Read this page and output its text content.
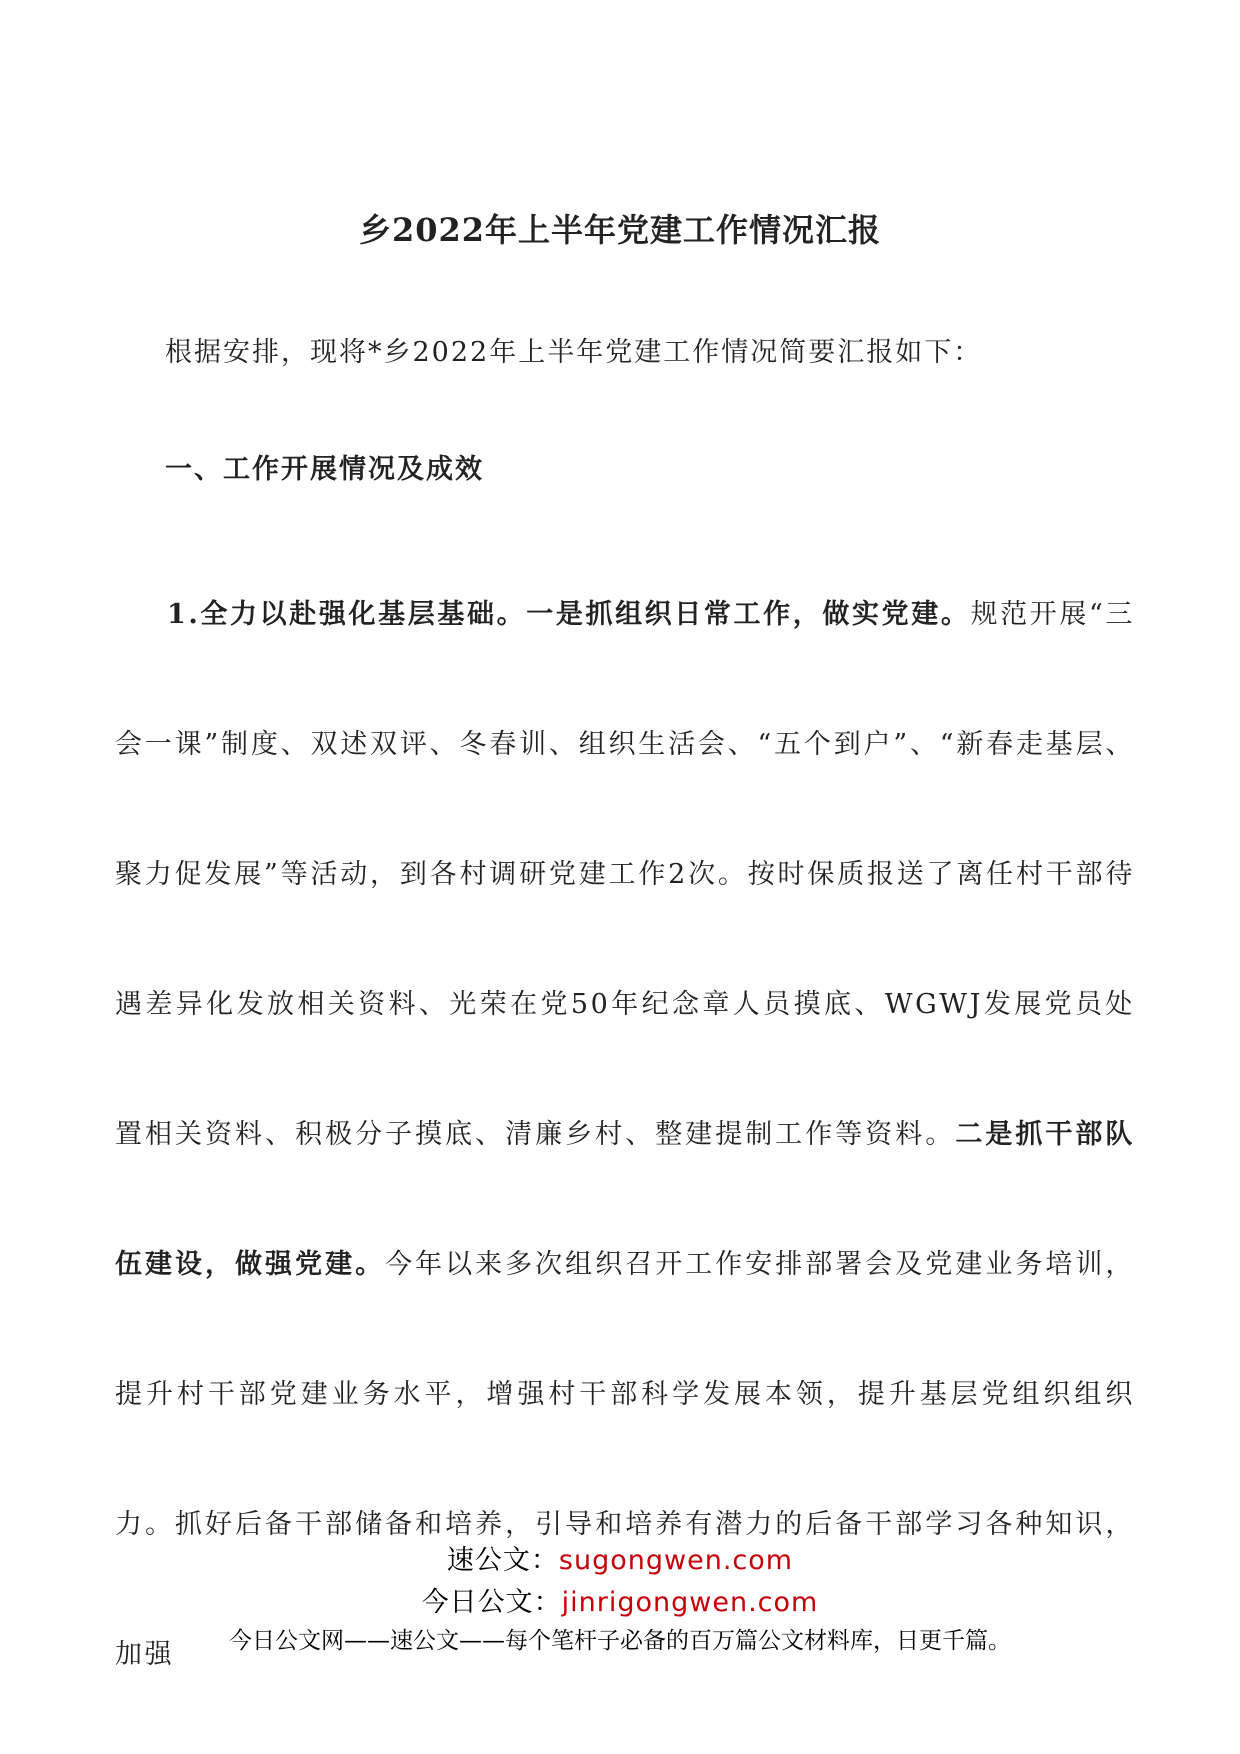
乡2022年上半年党建工作情况汇报
根据安排，现将*乡2022年上半年党建工作情况简要汇报如下：
一、工作开展情况及成效
1.全力以赴强化基层基础。一是抓组织日常工作，做实党建。规范开展“三会一课”制度、双述双评、冬春训、组织生活会、“五个到户”、“新春走基层、聚力促发展”等活动，到各村调研党建工作2次。按时保质报送了离任村干部待遇差异化发放相关资料、光荣在党50年纪念章人员摸底、WGWJ发展党员处置相关资料、积极分子摸底、清廉乡村、整建提制工作等资料。二是抓干部队伍建设，做强党建。今年以来多次组织召开工作安排部署会及党建业务培训，提升村干部党建业务水平，增强村干部科学发展本领，提升基层党组织组织力。抓好后备干部储备和培养，引导和培养有潜力的后备干部学习各种知识，加强
速公文：sugongwen.com
今日公文：jinrigongwen.com
今日公文网——速公文——每个笔杆子必备的百万篇公文材料库，日更千篇。
